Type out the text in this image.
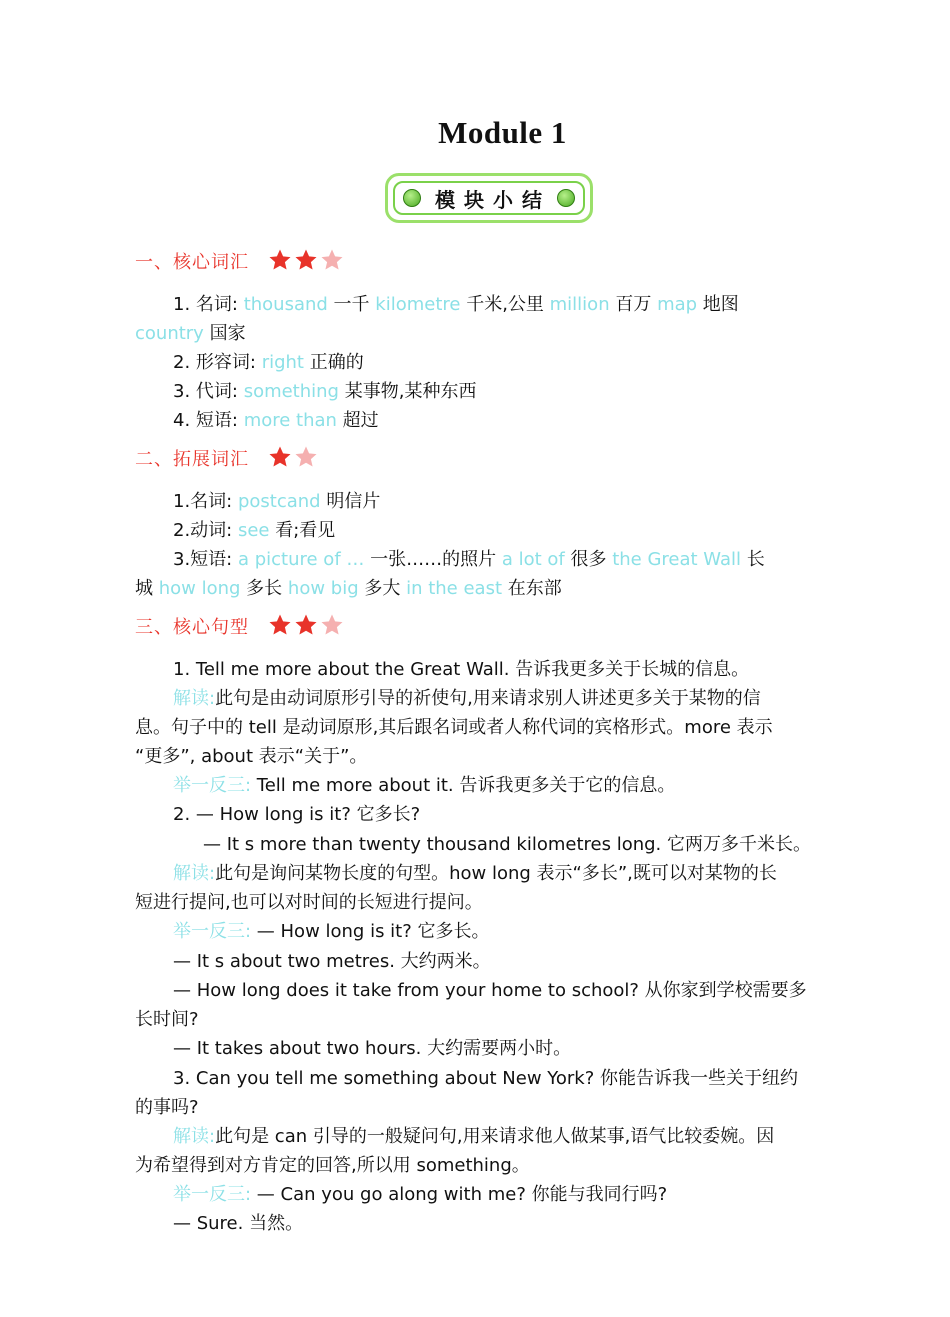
Module 1
模块小结
一、核心词汇
1. 名词: thousand 一千 kilometre 千米,公里 million 百万 map 地图
country 国家
2. 形容词: right 正确的
3. 代词: something 某事物,某种东西
4. 短语: more than 超过
二、拓展词汇
1.名词: postcand 明信片
2.动词: see 看;看见
3.短语: a picture of … 一张……的照片 a lot of 很多 the Great Wall 长
城 how long 多长 how big 多大 in the east 在东部
三、核心句型
1. Tell me more about the Great Wall. 告诉我更多关于长城的信息。
解读:此句是由动词原形引导的祈使句,用来请求别人讲述更多关于某物的信
息。句子中的 tell 是动词原形,其后跟名词或者人称代词的宾格形式。more 表示
“更多”, about 表示“关于”。
举一反三: Tell me more about it. 告诉我更多关于它的信息。
2. — How long is it? 它多长?
— It s more than twenty thousand kilometres long. 它两万多千米长。
解读:此句是询问某物长度的句型。how long 表示“多长”,既可以对某物的长
短进行提问,也可以对时间的长短进行提问。
举一反三: — How long is it? 它多长。
— It s about two metres. 大约两米。
— How long does it take from your home to school? 从你家到学校需要多
长时间?
— It takes about two hours. 大约需要两小时。
3. Can you tell me something about New York? 你能告诉我一些关于纽约
的事吗?
解读:此句是 can 引导的一般疑问句,用来请求他人做某事,语气比较委婉。因
为希望得到对方肯定的回答,所以用 something。
举一反三: — Can you go along with me? 你能与我同行吗?
— Sure. 当然。
